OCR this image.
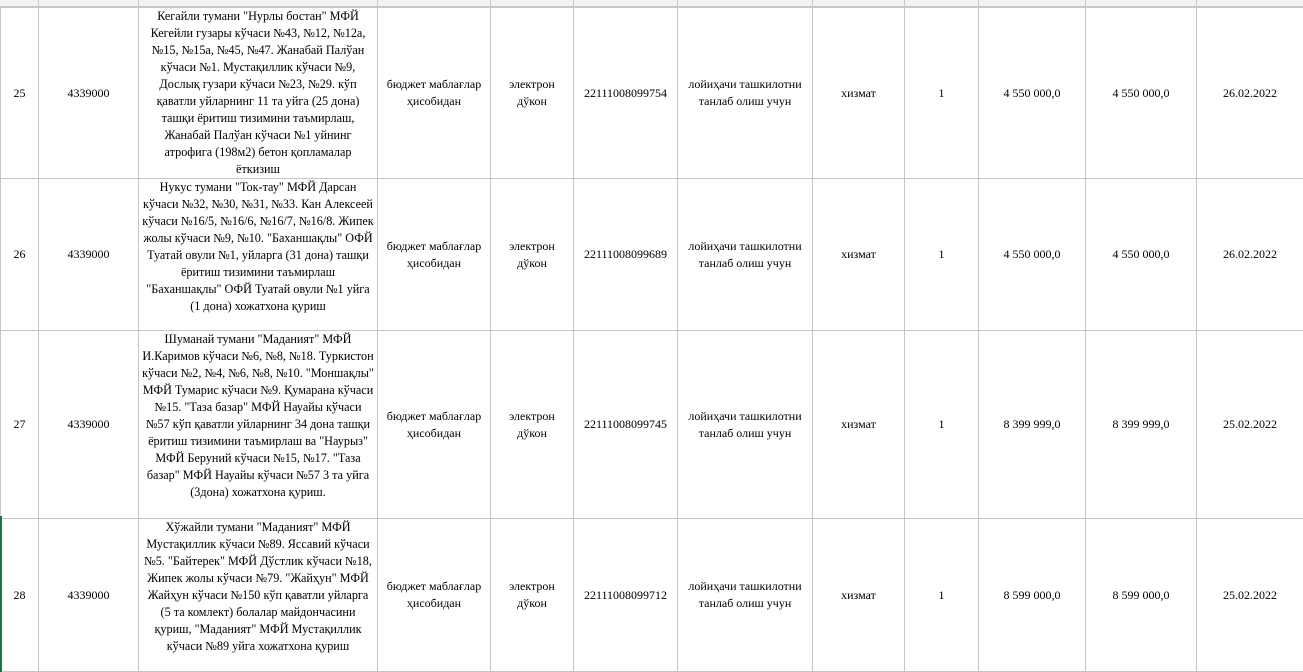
25	4339000	Кегайли тумани "Нурлы бостан" МФЙ Кегейли гузары кўчаси №43, №12, №12а, №15, №15а, №45, №47. Жанабай Палўан кўчаси №1. Мустақиллик кўчаси №9, Дослық гузари кўчаси №23, №29. кўп қаватли уйларнинг 11 та уйга (25 дона) ташқи ёритиш тизимини таъмирлаш, Жанабай Палўан кўчаси №1 уйнинг атрофига (198м2) бетон қопламалар ёткизиш	бюджет маблағлар ҳисобидан	электрон дўкон	22111008099754	лойиҳачи ташкилотни танлаб олиш учун	хизмат	1	4 550 000,0	4 550 000,0	26.02.2022
26	4339000	Нукус тумани "Ток-тау" МФЙ Дарсан кўчаси №32, №30, №31, №33. Кан Алексеей кўчаси №16/5, №16/6, №16/7, №16/8. Жипек жолы кўчаси №9, №10. "Баханшақлы" ОФЙ Туатай овули №1, уйларга (31 дона) ташқи ёритиш тизимини таъмирлаш "Баханшақлы" ОФЙ Туатай овули №1 уйга (1 дона) хожатхона қуриш	бюджет маблағлар ҳисобидан	электрон дўкон	22111008099689	лойиҳачи ташкилотни танлаб олиш учун	хизмат	1	4 550 000,0	4 550 000,0	26.02.2022
27	4339000	Шуманай тумани "Маданият" МФЙ И.Каримов кўчаси №6, №8, №18. Туркистон кўчаси №2, №4, №6, №8, №10. "Моншақлы" МФЙ Тумарис кўчаси №9. Қумарана кўчаси №15. "Таза базар" МФЙ Науайы кўчаси №57 кўп қаватли уйларнинг 34 дона ташқи ёритиш тизимини таъмирлаш ва "Наурыз" МФЙ Беруний кўчаси №15, №17. "Таза базар" МФЙ Науайы кўчаси №57 3 та уйга (3дона) хожатхона қуриш.	бюджет маблағлар ҳисобидан	электрон дўкон	22111008099745	лойиҳачи ташкилотни танлаб олиш учун	хизмат	1	8 399 999,0	8 399 999,0	25.02.2022
28	4339000	Хўжайли тумани "Маданият" МФЙ Мустақиллик кўчаси №89. Яссавий кўчаси №5. "Байтерек" МФЙ Дўстлик кўчаси №18, Жипек жолы кўчаси №79. "Жайҳун" МФЙ Жайҳун кўчаси №150 кўп қаватли уйларга (5 та комлект) болалар майдончасини қуриш, "Маданият" МФЙ Мустақиллик кўчаси №89 уйга хожатхона қуриш	бюджет маблағлар ҳисобидан	электрон дўкон	22111008099712	лойиҳачи ташкилотни танлаб олиш учун	хизмат	1	8 599 000,0	8 599 000,0	25.02.2022
